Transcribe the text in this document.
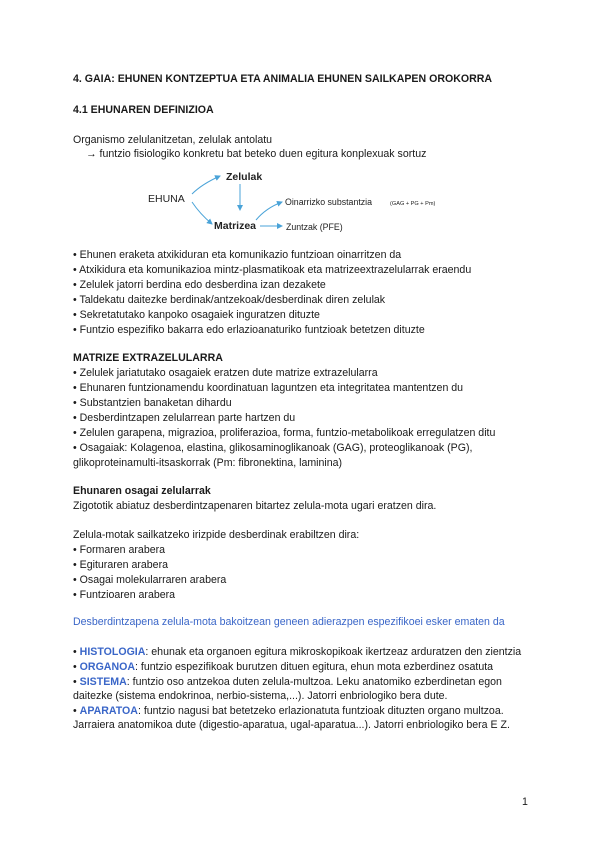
4. GAIA: EHUNEN KONTZEPTUA ETA ANIMALIA EHUNEN SAILKAPEN OROKORRA
4.1 EHUNAREN DEFINIZIOA
Organismo zelulanitzetan, zelulak antolatu
→ funtzio fisiologiko konkretu bat beteko duen egitura konplexuak sortuz
EHUNA
Zelulak
Matrizea
Oinarrizko substantzia	(GAG + PG + Pm)
Zuntzak (PFE)
• Ehunen eraketa atxikiduran eta komunikazio funtzioan oinarritzen da
• Atxikidura eta komunikazioa mintz-plasmatikoak eta matrizeextrazelularrak eraendu
• Zelulek jatorri berdina edo desberdina izan dezakete
• Taldekatu daitezke berdinak/antzekoak/desberdinak diren zelulak
• Sekretatutako kanpoko osagaiek inguratzen dituzte
• Funtzio espezifiko bakarra edo erlazioanaturiko funtzioak betetzen dituzte
MATRIZE EXTRAZELULARRA
• Zelulek jariatutako osagaiek eratzen dute matrize extrazelularra
• Ehunaren funtzionamendu koordinatuan laguntzen eta integritatea mantentzen du
• Substantzien banaketan dihardu
• Desberdintzapen zelularrean parte hartzen du
• Zelulen garapena, migrazioa, proliferazioa, forma, funtzio-metabolikoak erregulatzen ditu
• Osagaiak: Kolagenoa, elastina, glikosaminoglikanoak (GAG), proteoglikanoak (PG),
glikoproteinamulti-itsaskorrak (Pm: fibronektina, laminina)
Ehunaren osagai zelularrak
Zigototik abiatuz desberdintzapenaren bitartez zelula-mota ugari eratzen dira.
Zelula-motak sailkatzeko irizpide desberdinak erabiltzen dira:
• Formaren arabera
• Egituraren arabera
• Osagai molekularraren arabera
• Funtzioaren arabera
Desberdintzapena zelula-mota bakoitzean geneen adierazpen espezifikoei esker ematen da
• HISTOLOGIA: ehunak eta organoen egitura mikroskopikoak ikertzeaz arduratzen den zientzia
• ORGANOA: funtzio espezifikoak burutzen dituen egitura, ehun mota ezberdinez osatuta
• SISTEMA: funtzio oso antzekoa duten zelula-multzoa. Leku anatomiko ezberdinetan egon
daitezke (sistema endokrinoa, nerbio-sistema,...). Jatorri enbriologiko bera dute.
• APARATOA: funtzio nagusi bat betetzeko erlazionatuta funtzioak dituzten organo multzoa.
Jarraiera anatomikoa dute (digestio-aparatua, ugal-aparatua...). Jatorri enbriologiko bera E Z.
1
